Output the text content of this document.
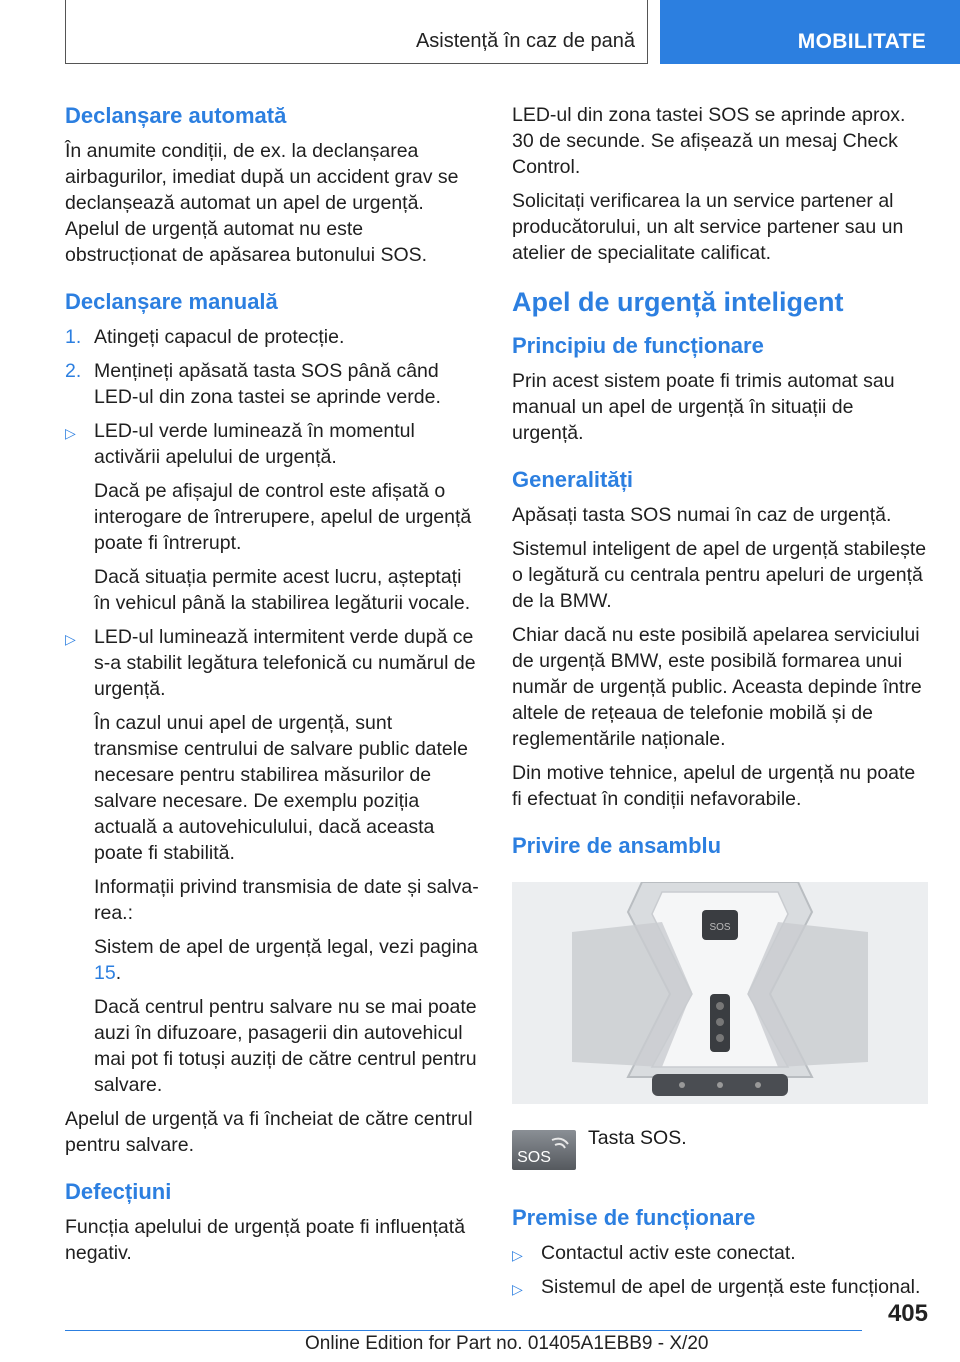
Asistență în caz de pană	MOBILITATE
Declanșare automată

În anumite condiții, de ex. la declanșarea airbagurilor, imediat după un accident grav se declanșează automat un apel de urgență. Apelul de urgență automat nu este obstrucționat de apăsarea butonului SOS.

Declanșare manuală
1. Atingeți capacul de protecție.
2. Mențineți apăsată tasta SOS până când LED-ul din zona tastei se aprinde verde.
▷ LED-ul verde luminează în momentul activării apelului de urgență.

Dacă pe afișajul de control este afișată o interogare de întrerupere, apelul de urgență poate fi întrerupt.

Dacă situația permite acest lucru, așteptați în vehicul până la stabilirea legăturii vocale.

▷ LED-ul luminează intermitent verde după ce s-a stabilit legătura telefonică cu numărul de urgență.

În cazul unui apel de urgență, sunt transmise centrului de salvare public datele necesare pentru stabilirea măsurilor de salvare necesare. De exemplu poziția actuală a autovehiculului, dacă aceasta poate fi stabilită.

Informații privind transmisia de date și salvarea.:

Sistem de apel de urgență legal, vezi pagina 15.

Dacă centrul pentru salvare nu se mai poate auzi în difuzoare, pasagerii din autovehicul mai pot fi totuși auziți de către centrul pentru salvare.

Apelul de urgență va fi încheiat de către centrul pentru salvare.

Defecțiuni

Funcția apelului de urgență poate fi influențată negativ.

LED-ul din zona tastei SOS se aprinde aprox. 30 de secunde. Se afișează un mesaj Check Control.

Solicitați verificarea la un service partener al producătorului, un alt service partener sau un atelier de specialitate calificat.

Apel de urgență inteligent
Principiu de funcționare

Prin acest sistem poate fi trimis automat sau manual un apel de urgență în situații de urgență.

Generalități

Apăsați tasta SOS numai în caz de urgență.

Sistemul inteligent de apel de urgență stabilește o legătură cu centrala pentru apeluri de urgență de la BMW.

Chiar dacă nu este posibilă apelarea serviciului de urgență BMW, este posibilă formarea unui număr de urgență public. Aceasta depinde între altele de rețeaua de telefonie mobilă și de reglementările naționale.

Din motive tehnice, apelul de urgență nu poate fi efectuat în condiții nefavorabile.

Privire de ansamblu
SOS
SOS
Tasta SOS.
Premise de funcționare
▷ Contactul activ este conectat.
▷ Sistemul de apel de urgență este funcțional.
405
Online Edition for Part no. 01405A1EBB9 - X/20
